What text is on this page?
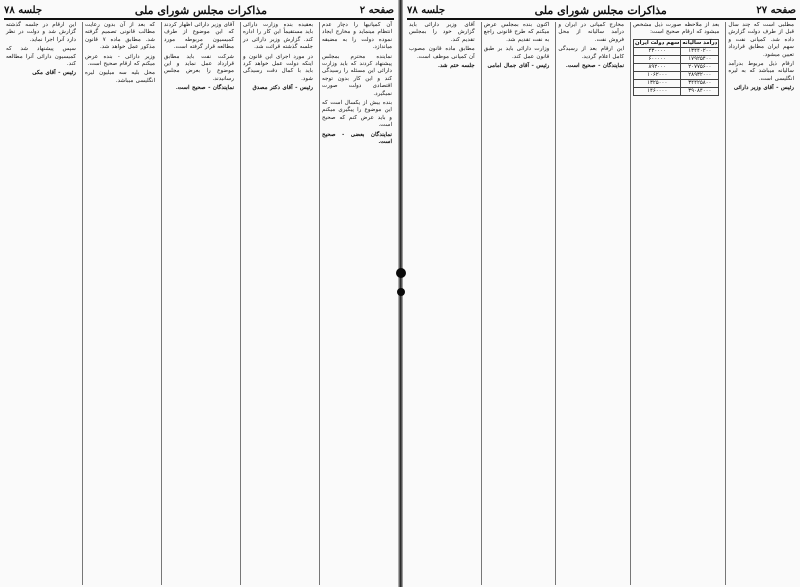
صفحه ۲
مذاکرات مجلس شورای ملی
جلسه ۷۸

آن کمپانیها را دچار عدم انتظام مینماید و مخارج ایجاد نموده دولت را به مضیقه میاندازد.

نماینده محترم بمجلس پیشنهاد کردند که باید وزارت دارائی این مسئله را رسیدگی کند و این کار بدون توجه اقتصادی دولت صورت نمیگیرد.

بنده بیش از یکسال است که این موضوع را پیگیری میکنم و باید عرض کنم که صحیح است.

نمایندگان بعضی - صحیح است.

بعقیده بنده وزارت دارائی باید مستقیماً این کار را اداره کند. گزارش وزیر دارائی در جلسه گذشته قرائت شد.

در مورد اجرای این قانون و اینکه دولت عمل خواهد کرد باید با کمال دقت رسیدگی شود.

رئیس - آقای دکتر مصدق

آقای وزیر دارائی اظهار کردند که این موضوع از طرف کمیسیون مربوطه مورد مطالعه قرار گرفته است.

شرکت نفت باید مطابق قرارداد عمل نماید و این موضوع را بعرض مجلس رسانیدند.

نمایندگان - صحیح است.

که بعد از آن بدون رعایت مطالب قانونی تصمیم گرفته شد. مطابق ماده ۷ قانون مذکور عمل خواهد شد.

وزیر دارائی - بنده عرض میکنم که ارقام صحیح است.

محل بلیه سه میلیون لیره انگلیسی میباشد.

این ارقام در جلسه گذشته گزارش شد و دولت در نظر دارد آنرا اجرا نماید.

سپس پیشنهاد شد که کمیسیون دارائی آنرا مطالعه کند.

رئیس - آقای مکی

صفحه ۲۷
مذاکرات مجلس شورای ملی
جلسه ۷۸

مطلبی است که چند سال قبل از طرف دولت گزارش داده شد. کمپانی نفت و سهم ایران مطابق قرارداد تعیین میشود.

ارقام ذیل مربوط بدرآمد سالیانه میباشد که به لیره انگلیسی است.

رئیس - آقای وزیر دارائی

بعد از ملاحظه صورت ذیل مشخص میشود که ارقام صحیح است:

درآمد سالیانه	سهم دولت ایران
۱۳۴۴۰۲۰۰	۴۳۰۰۰۰
۱۷۹۲۵۴۰۰	۶۰۰۰۰۰
۲۰۷۷۵۶۰۰	۸۹۲۰۰۰
۲۸۹۳۲۰۰۰	۱۰۶۲۰۰۰
۳۴۴۲۵۸۰۰	۱۳۲۵۰۰۰
۳۹۰۸۴۰۰۰	۱۴۶۰۰۰۰

مخارج کمپانی در ایران و درآمد سالیانه از محل فروش نفت.

این ارقام بعد از رسیدگی کامل اعلام گردید.

نمایندگان - صحیح است.

اکنون بنده بمجلس عرض میکنم که طرح قانونی راجع به نفت تقدیم شد.

وزارت دارائی باید بر طبق قانون عمل کند.

رئیس - آقای جمال امامی

آقای وزیر دارائی باید گزارش خود را بمجلس تقدیم کند.

مطابق ماده قانون مصوب آن کمپانی موظف است.

جلسه ختم شد.
